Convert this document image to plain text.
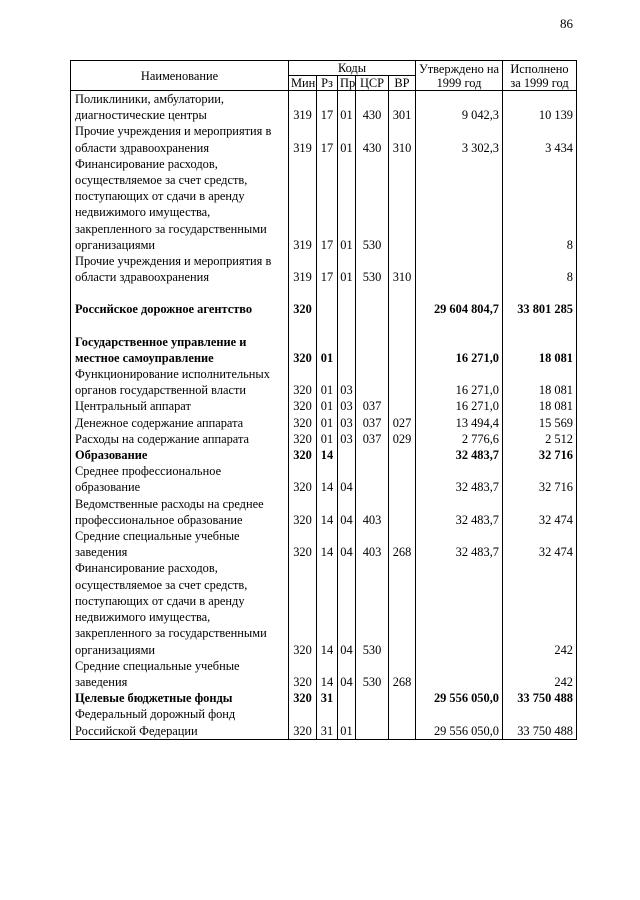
86
Наименование	Коды					Утверждено на 1999 год	Исполнено за 1999 год
	Мин	Рз	Пр	ЦСР	ВР		
Поликлиники, амбулатории, диагностические центры	319	17	01	430	301	9 042,3	10 139
Прочие учреждения и мероприятия в области здравоохранения	319	17	01	430	310	3 302,3	3 434
Финансирование расходов, осуществляемое за счет средств, поступающих от сдачи в аренду недвижимого имущества, закрепленного за государственными организациями	319	17	01	530			8
Прочие учреждения и мероприятия в области здравоохранения	319	17	01	530	310		8

Российское дорожное агентство	320					29 604 804,7	33 801 285

Государственное управление и местное самоуправление	320	01				16 271,0	18 081
Функционирование исполнительных органов государственной власти	320	01	03			16 271,0	18 081
Центральный аппарат	320	01	03	037		16 271,0	18 081
Денежное содержание аппарата	320	01	03	037	027	13 494,4	15 569
Расходы на содержание аппарата	320	01	03	037	029	2 776,6	2 512
Образование	320	14				32 483,7	32 716
Среднее профессиональное образование	320	14	04			32 483,7	32 716
Ведомственные расходы на среднее профессиональное образование	320	14	04	403		32 483,7	32 474
Средние специальные учебные заведения	320	14	04	403	268	32 483,7	32 474
Финансирование расходов, осуществляемое за счет средств, поступающих от сдачи в аренду недвижимого имущества, закрепленного за государственными организациями	320	14	04	530			242
Средние специальные учебные заведения	320	14	04	530	268		242
Целевые бюджетные фонды	320	31				29 556 050,0	33 750 488
Федеральный дорожный фонд Российской Федерации	320	31	01			29 556 050,0	33 750 488
